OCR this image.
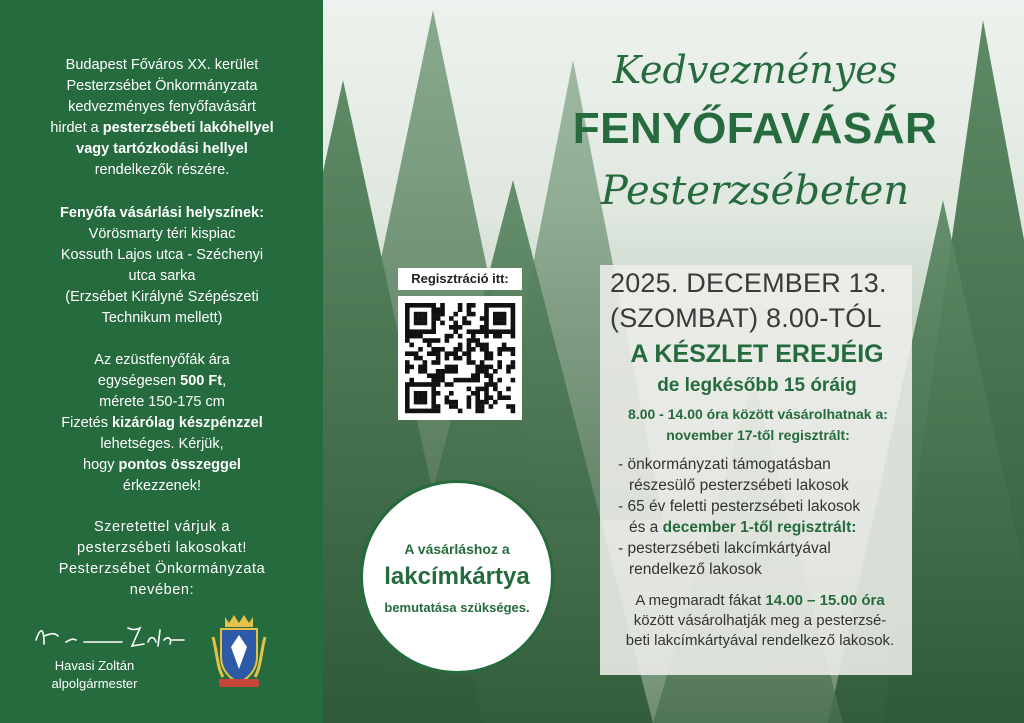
Budapest Főváros XX. kerület
Pesterzsébet Önkormányzata
kedvezményes fenyőfavásárt
hirdet a pesterzsébeti lakóhellyel
vagy tartózkodási hellyel
rendelkezők részére.

Fenyőfa vásárlási helyszínek:
Vörösmarty téri kispiac
Kossuth Lajos utca - Széchenyi
utca sarka
(Erzsébet Királyné Szépészeti
Technikum mellett)

Az ezüstfenyőfák ára
egységesen 500 Ft,
mérete 150-175 cm
Fizetés kizárólag készpénzzel
lehetséges. Kérjük,
hogy pontos összeggel
érkezzenek!

Szeretettel várjuk a
pesterzsébeti lakosokat!
Pesterzsébet Önkormányzata
nevében:

Havasi Zoltán
alpolgármester
Kedvezményes
FENYŐFAVÁSÁR
Pesterzsébeten
Regisztráció itt:	2025. DECEMBER 13.
(SZOMBAT) 8.00-TÓL
A KÉSZLET EREJÉIG
de legkésőbb 15 óráig
8.00 - 14.00 óra között vásárolhatnak a:
november 17-től regisztrált:
- önkormányzati támogatásban
részesülő pesterzsébeti lakosok
- 65 év feletti pesterzsébeti lakosok
és a december 1-től regisztrált:
- pesterzsébeti lakcímkártyával
rendelkező lakosok
A megmaradt fákat 14.00 – 15.00 óra
között vásárolhatják meg a pesterzsé-
beti lakcímkártyával rendelkező lakosok.
A vásárláshoz a
lakcímkártya
bemutatása szükséges.
